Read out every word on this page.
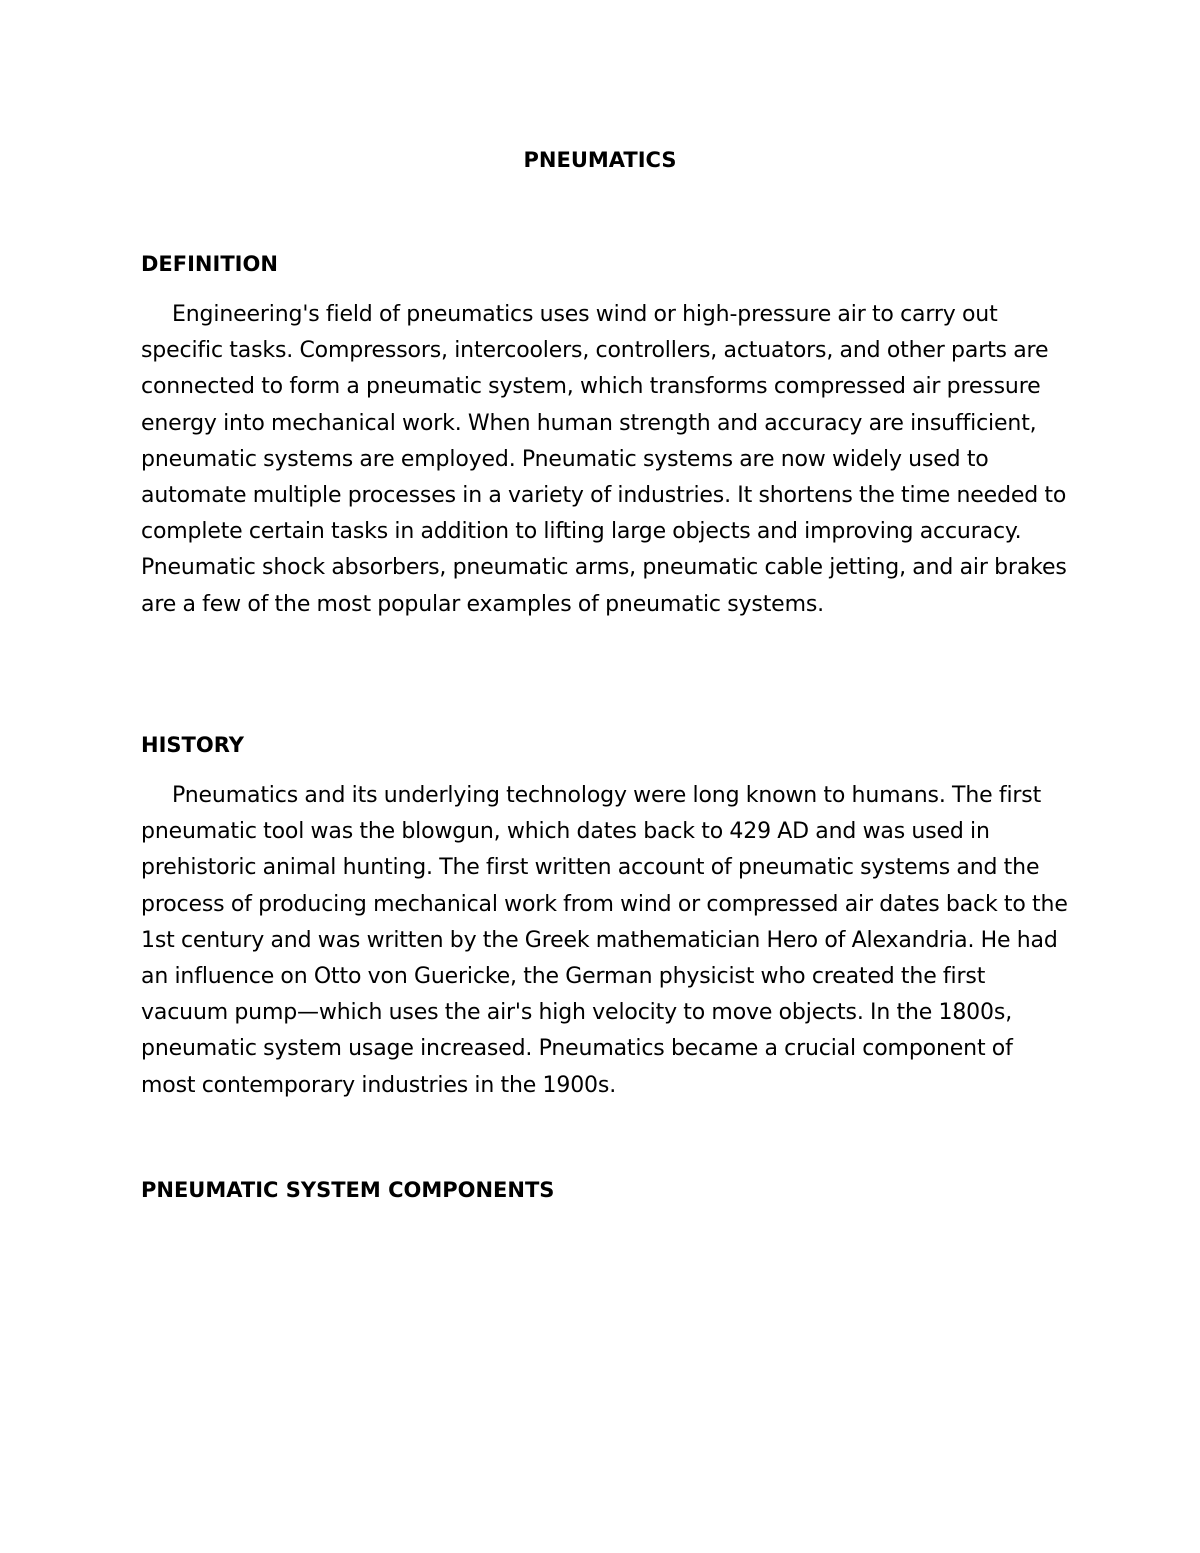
PNEUMATICS
DEFINITION

Engineering's field of pneumatics uses wind or high-pressure air to carry out specific tasks. Compressors, intercoolers, controllers, actuators, and other parts are connected to form a pneumatic system, which transforms compressed air pressure energy into mechanical work. When human strength and accuracy are insufficient, pneumatic systems are employed. Pneumatic systems are now widely used to automate multiple processes in a variety of industries. It shortens the time needed to complete certain tasks in addition to lifting large objects and improving accuracy. Pneumatic shock absorbers, pneumatic arms, pneumatic cable jetting, and air brakes are a few of the most popular examples of pneumatic systems.

HISTORY

Pneumatics and its underlying technology were long known to humans. The first pneumatic tool was the blowgun, which dates back to 429 AD and was used in prehistoric animal hunting. The first written account of pneumatic systems and the process of producing mechanical work from wind or compressed air dates back to the 1st century and was written by the Greek mathematician Hero of Alexandria. He had an influence on Otto von Guericke, the German physicist who created the first vacuum pump—which uses the air's high velocity to move objects. In the 1800s, pneumatic system usage increased. Pneumatics became a crucial component of most contemporary industries in the 1900s.

PNEUMATIC SYSTEM COMPONENTS
